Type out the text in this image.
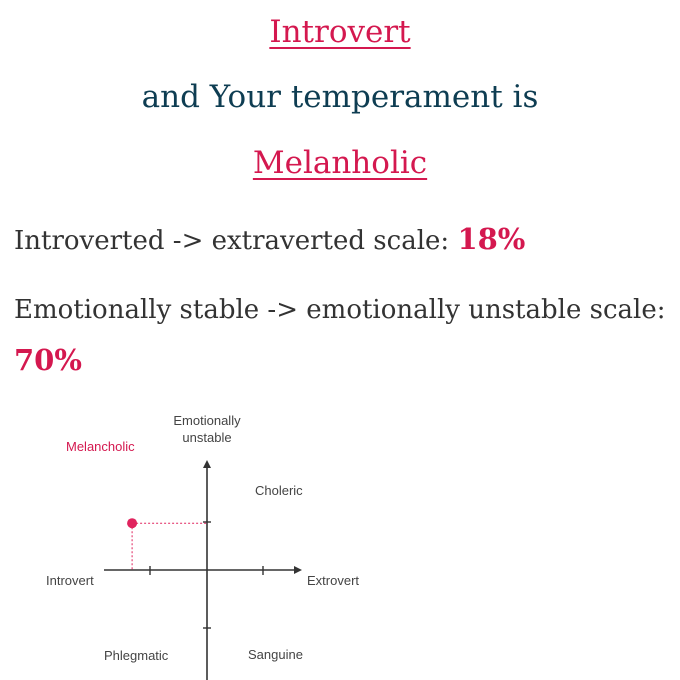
Introvert
and Your temperament is
Melanholic
Introverted -> extraverted scale: 18%
Emotionally stable -> emotionally unstable scale:
70%
Emotionally
unstable
Introvert	Extrovert
Melancholic
Choleric
Phlegmatic	Sanguine
